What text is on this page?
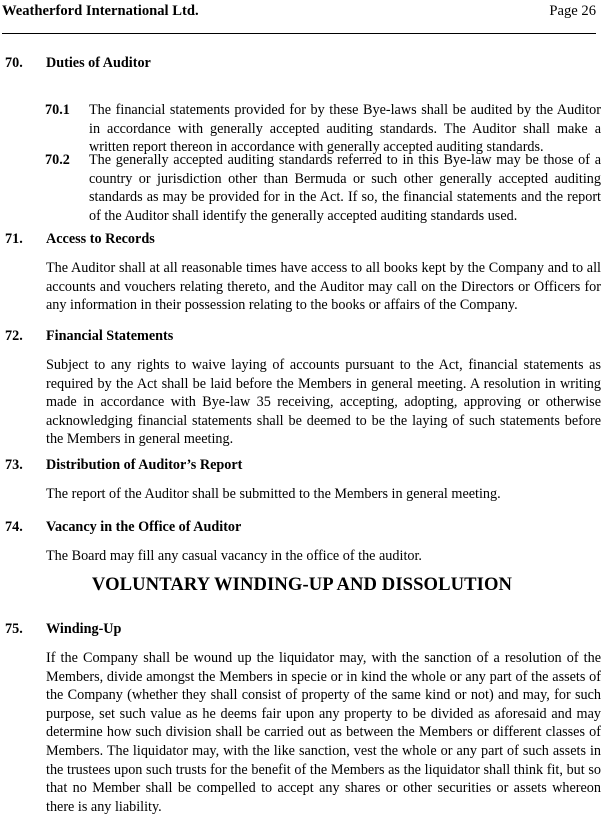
Weatherford International Ltd.	Page 26
70. Duties of Auditor
70.1 The financial statements provided for by these Bye-laws shall be audited by the Auditor in accordance with generally accepted auditing standards. The Auditor shall make a written report thereon in accordance with generally accepted auditing standards.
70.2 The generally accepted auditing standards referred to in this Bye-law may be those of a country or jurisdiction other than Bermuda or such other generally accepted auditing standards as may be provided for in the Act. If so, the financial statements and the report of the Auditor shall identify the generally accepted auditing standards used.
71. Access to Records
The Auditor shall at all reasonable times have access to all books kept by the Company and to all accounts and vouchers relating thereto, and the Auditor may call on the Directors or Officers for any information in their possession relating to the books or affairs of the Company.
72. Financial Statements
Subject to any rights to waive laying of accounts pursuant to the Act, financial statements as required by the Act shall be laid before the Members in general meeting. A resolution in writing made in accordance with Bye-law 35 receiving, accepting, adopting, approving or otherwise acknowledging financial statements shall be deemed to be the laying of such statements before the Members in general meeting.
73. Distribution of Auditor’s Report
The report of the Auditor shall be submitted to the Members in general meeting.
74. Vacancy in the Office of Auditor
The Board may fill any casual vacancy in the office of the auditor.
VOLUNTARY WINDING-UP AND DISSOLUTION
75. Winding-Up
If the Company shall be wound up the liquidator may, with the sanction of a resolution of the Members, divide amongst the Members in specie or in kind the whole or any part of the assets of the Company (whether they shall consist of property of the same kind or not) and may, for such purpose, set such value as he deems fair upon any property to be divided as aforesaid and may determine how such division shall be carried out as between the Members or different classes of Members. The liquidator may, with the like sanction, vest the whole or any part of such assets in the trustees upon such trusts for the benefit of the Members as the liquidator shall think fit, but so that no Member shall be compelled to accept any shares or other securities or assets whereon there is any liability.
